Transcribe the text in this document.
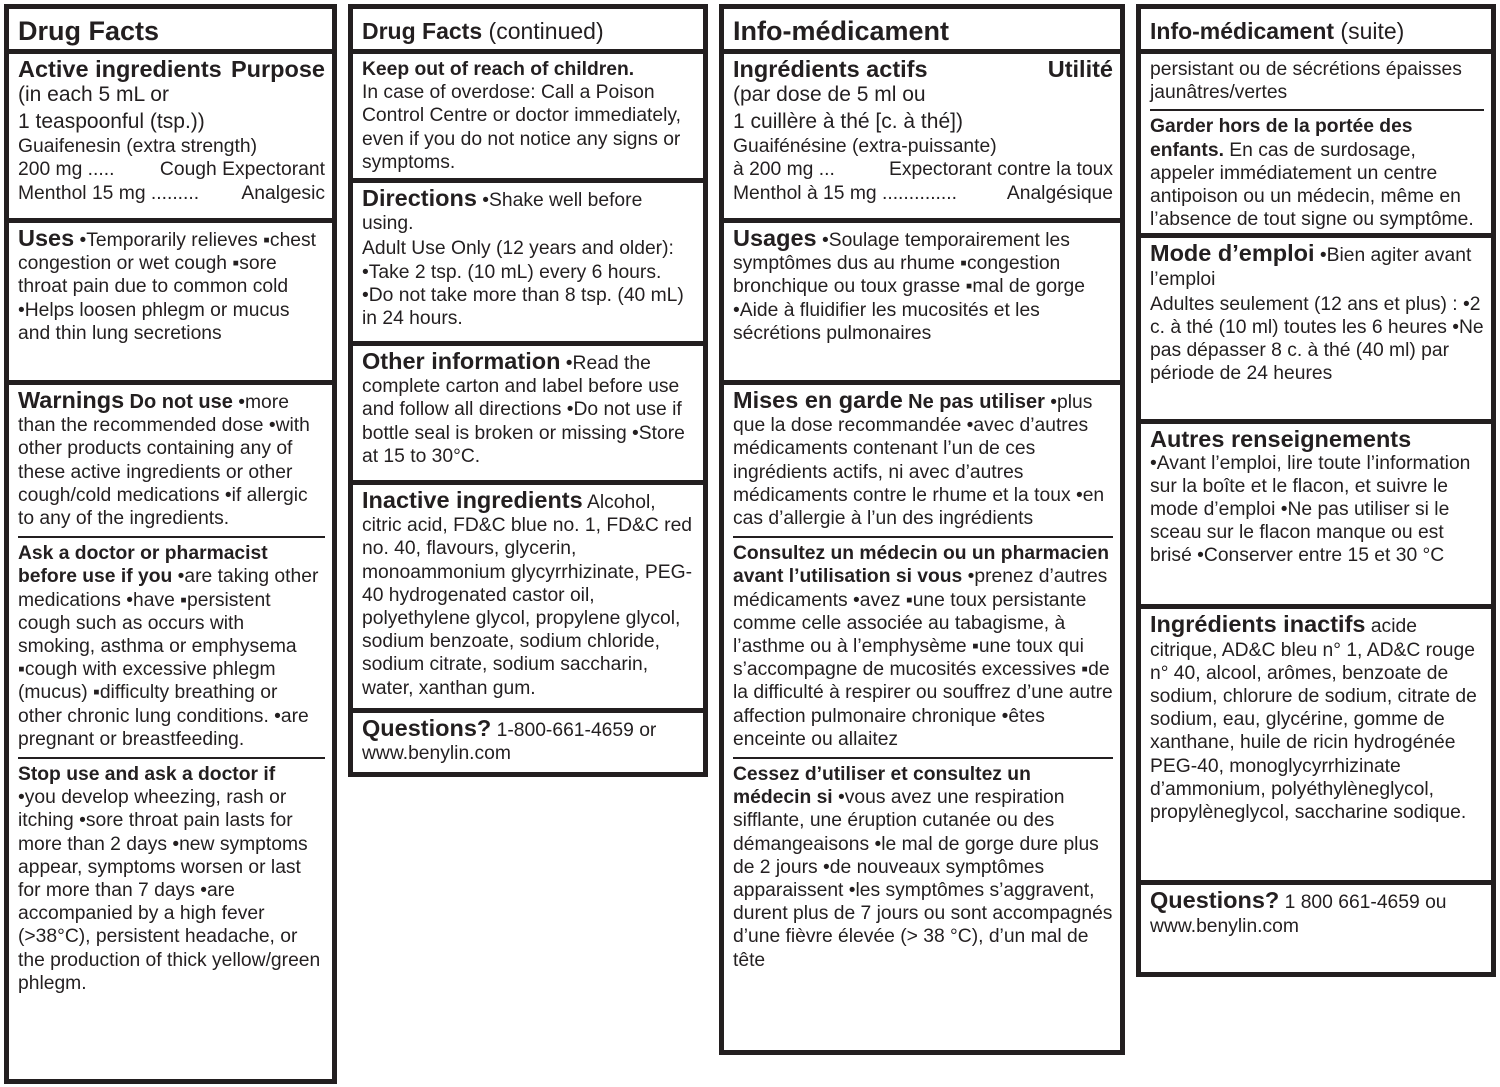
Drug Facts
Active ingredients Purpose

(in each 5 mL or

1 teaspoonful (tsp.))

Guaifenesin (extra strength)

200 mg ..... Cough Expectorant
Menthol 15 mg ......... Analgesic
Uses •Temporarily relieves ▪chest congestion or wet cough ▪sore throat pain due to common cold •Helps loosen phlegm or mucus and thin lung secretions
Warnings Do not use •more than the recommended dose •with other products containing any of these active ingredients or other cough/cold medications •if allergic to any of the ingredients.
Ask a doctor or pharmacist before use if you •are taking other medications •have ▪persistent cough such as occurs with smoking, asthma or emphysema ▪cough with excessive phlegm (mucus) ▪difficulty breathing or other chronic lung conditions. •are pregnant or breastfeeding.

Stop use and ask a doctor if

•you develop wheezing, rash or itching •sore throat pain lasts for more than 2 days •new symptoms appear, symptoms worsen or last for more than 7 days •are accompanied by a high fever (>38°C), persistent headache, or the production of thick yellow/green phlegm.

Drug Facts (continued)

Keep out of reach of children.

In case of overdose: Call a Poison Control Centre or doctor immediately, even if you do not notice any signs or symptoms.

Directions •Shake well before using.

Adult Use Only (12 years and older): •Take 2 tsp. (10 mL) every 6 hours. •Do not take more than 8 tsp. (40 mL) in 24 hours.

Other information •Read the complete carton and label before use and follow all directions •Do not use if bottle seal is broken or missing •Store at 15 to 30°C.
Inactive ingredients Alcohol, citric acid, FD&C blue no. 1, FD&C red no. 40, flavours, glycerin, monoammonium glycyrrhizinate, PEG-40 hydrogenated castor oil, polyethylene glycol, propylene glycol, sodium benzoate, sodium chloride, sodium citrate, sodium saccharin, water, xanthan gum.
Questions? 1-800-661-4659 or www.benylin.com
Info-médicament
Ingrédients actifs	Utilité

(par dose de 5 ml ou

1 cuillère à thé [c. à thé])

Guaifénésine (extra-puissante)

à 200 mg ...	Expectorant contre la toux
Menthol à 15 mg ..............	Analgésique
Usages •Soulage temporairement les symptômes dus au rhume ▪congestion bronchique ou toux grasse ▪mal de gorge •Aide à fluidifier les mucosités et les sécrétions pulmonaires
Mises en garde Ne pas utiliser •plus que la dose recommandée •avec d’autres médicaments contenant l’un de ces ingrédients actifs, ni avec d’autres médicaments contre le rhume et la toux •en cas d’allergie à l’un des ingrédients
Consultez un médecin ou un pharmacien avant l’utilisation si vous •prenez d’autres médicaments •avez ▪une toux persistante comme celle associée au tabagisme, à l’asthme ou à l’emphysème ▪une toux qui s’accompagne de mucosités excessives ▪de la difficulté à respirer ou souffrez d’une autre affection pulmonaire chronique •êtes enceinte ou allaitez
Cessez d’utiliser et consultez un médecin si •vous avez une respiration sifflante, une éruption cutanée ou des démangeaisons •le mal de gorge dure plus de 2 jours •de nouveaux symptômes apparaissent •les symptômes s’aggravent, durent plus de 7 jours ou sont accompagnés d’une fièvre élevée (> 38 °C), d’un mal de tête
Info-médicament (suite)

persistant ou de sécrétions épaisses jaunâtres/vertes

Garder hors de la portée des enfants. En cas de surdosage, appeler immédiatement un centre antipoison ou un médecin, même en l’absence de tout signe ou symptôme.

Mode d’emploi •Bien agiter avant l’emploi

Adultes seulement (12 ans et plus) : •2 c. à thé (10 ml) toutes les 6 heures •Ne pas dépasser 8 c. à thé (40 ml) par période de 24 heures

Autres renseignements

•Avant l’emploi, lire toute l’information sur la boîte et le flacon, et suivre le mode d’emploi •Ne pas utiliser si le sceau sur le flacon manque ou est brisé •Conserver entre 15 et 30 °C

Ingrédients inactifs acide citrique, AD&C bleu n° 1, AD&C rouge n° 40, alcool, arômes, benzoate de sodium, chlorure de sodium, citrate de sodium, eau, glycérine, gomme de xanthane, huile de ricin hydrogénée PEG-40, monoglycyrrhizinate d’ammonium, polyéthylèneglycol, propylèneglycol, saccharine sodique.
Questions? 1 800 661-4659 ou www.benylin.com
